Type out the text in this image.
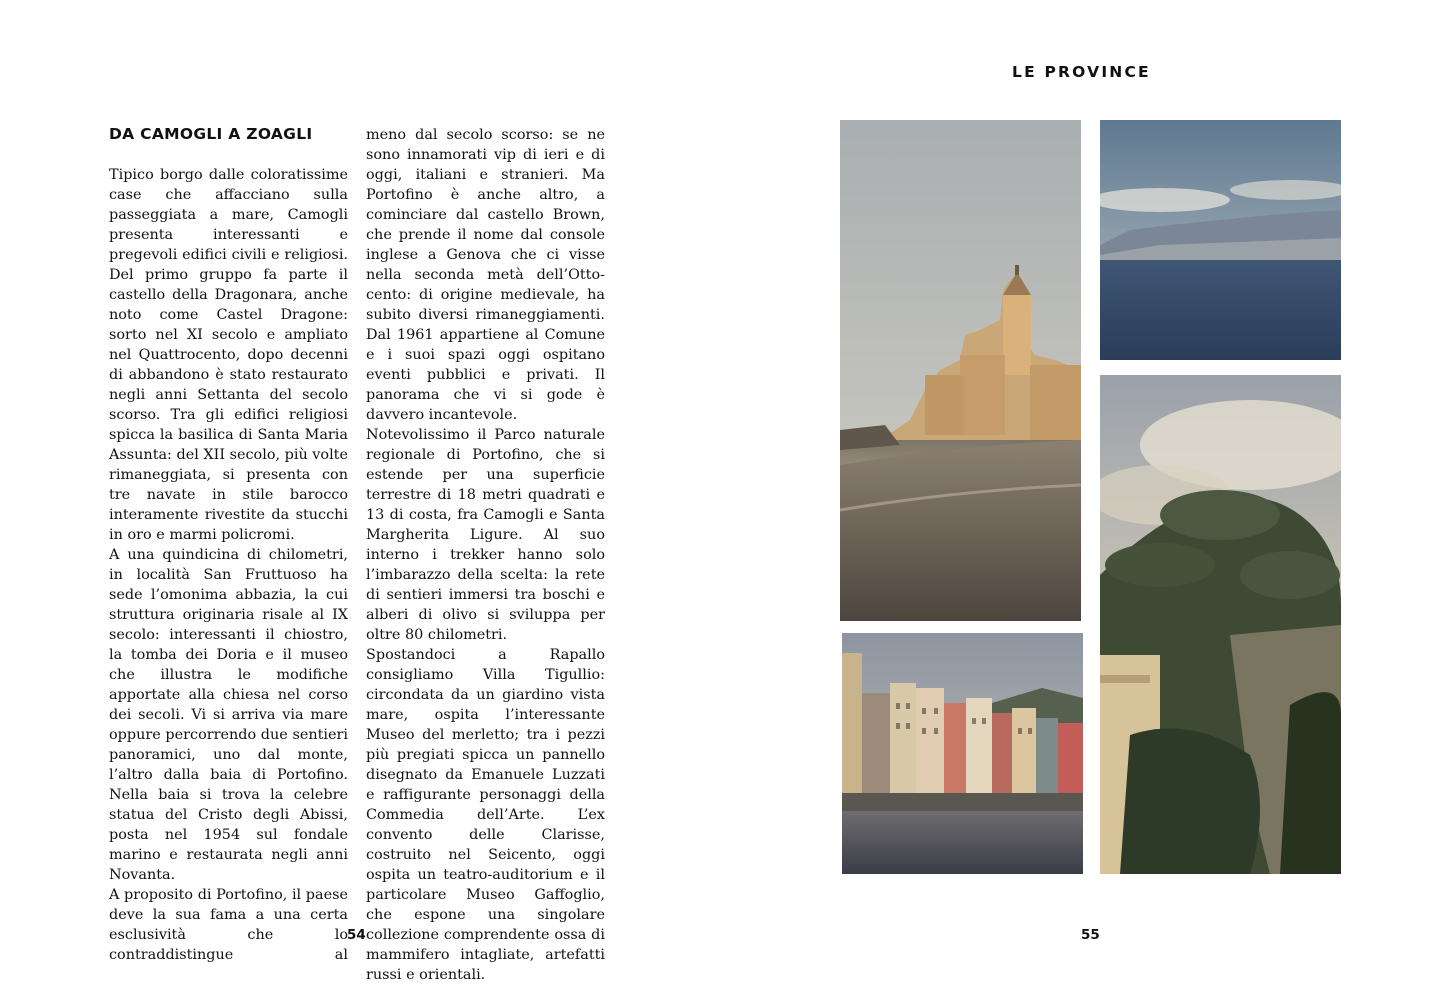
LE PROVINCE
DA CAMOGLI A ZOAGLI

Tipico borgo dalle coloratissime case che affacciano sulla passeggiata a mare, Camogli presenta interessanti e pregevoli edifici civili e religiosi. Del primo gruppo fa parte il castello della Dragonara, anche noto come Castel Dragone: sorto nel XI secolo e ampliato nel Quattrocento, dopo decenni di abbandono è stato restaurato negli anni Settanta del secolo scorso. Tra gli edifici religiosi spicca la basilica di Santa Maria Assunta: del XII secolo, più volte rimaneggiata, si presenta con tre navate in stile barocco interamente rivestite da stucchi in oro e marmi policromi.

A una quindicina di chilometri, in località San Fruttuoso ha sede l’omonima abbazia, la cui struttura originaria risale al IX secolo: interessanti il chiostro, la tomba dei Doria e il museo che illustra le modifiche apportate alla chiesa nel corso dei secoli. Vi si arriva via mare oppure percorrendo due sentieri panoramici, uno dal monte, l’altro dalla baia di Portofino. Nella baia si trova la celebre statua del Cristo degli Abissi, posta nel 1954 sul fondale marino e restaurata negli anni Novanta.

A proposito di Portofino, il paese deve la sua fama a una certa esclusività che lo contraddistingue al

meno dal secolo scorso: se ne sono innamorati vip di ieri e di oggi, italiani e stranieri. Ma Portofino è anche altro, a cominciare dal castello Brown, che prende il nome dal console inglese a Genova che ci visse nella seconda metà dell’Ottocento: di origine medievale, ha subito diversi rimaneggiamenti. Dal 1961 appartiene al Comune e i suoi spazi oggi ospitano eventi pubblici e privati. Il panorama che vi si gode è davvero incantevole.

Notevolissimo il Parco naturale regionale di Portofino, che si estende per una superficie terrestre di 18 metri quadrati e 13 di costa, fra Camogli e Santa Margherita Ligure. Al suo interno i trekker hanno solo l’imbarazzo della scelta: la rete di sentieri immersi tra boschi e alberi di olivo si sviluppa per oltre 80 chilometri.

Spostandoci a Rapallo consigliamo Villa Tigullio: circondata da un giardino vista mare, ospita l’interessante Museo del merletto; tra i pezzi più pregiati spicca un pannello disegnato da Emanuele Luzzati e raffigurante personaggi della Commedia dell’Arte. L’ex convento delle Clarisse, costruito nel Seicento, oggi ospita un teatro-auditorium e il particolare Museo Gaffoglio, che espone una singolare collezione comprendente ossa di mammifero intagliate, artefatti russi e orientali.

54	55
